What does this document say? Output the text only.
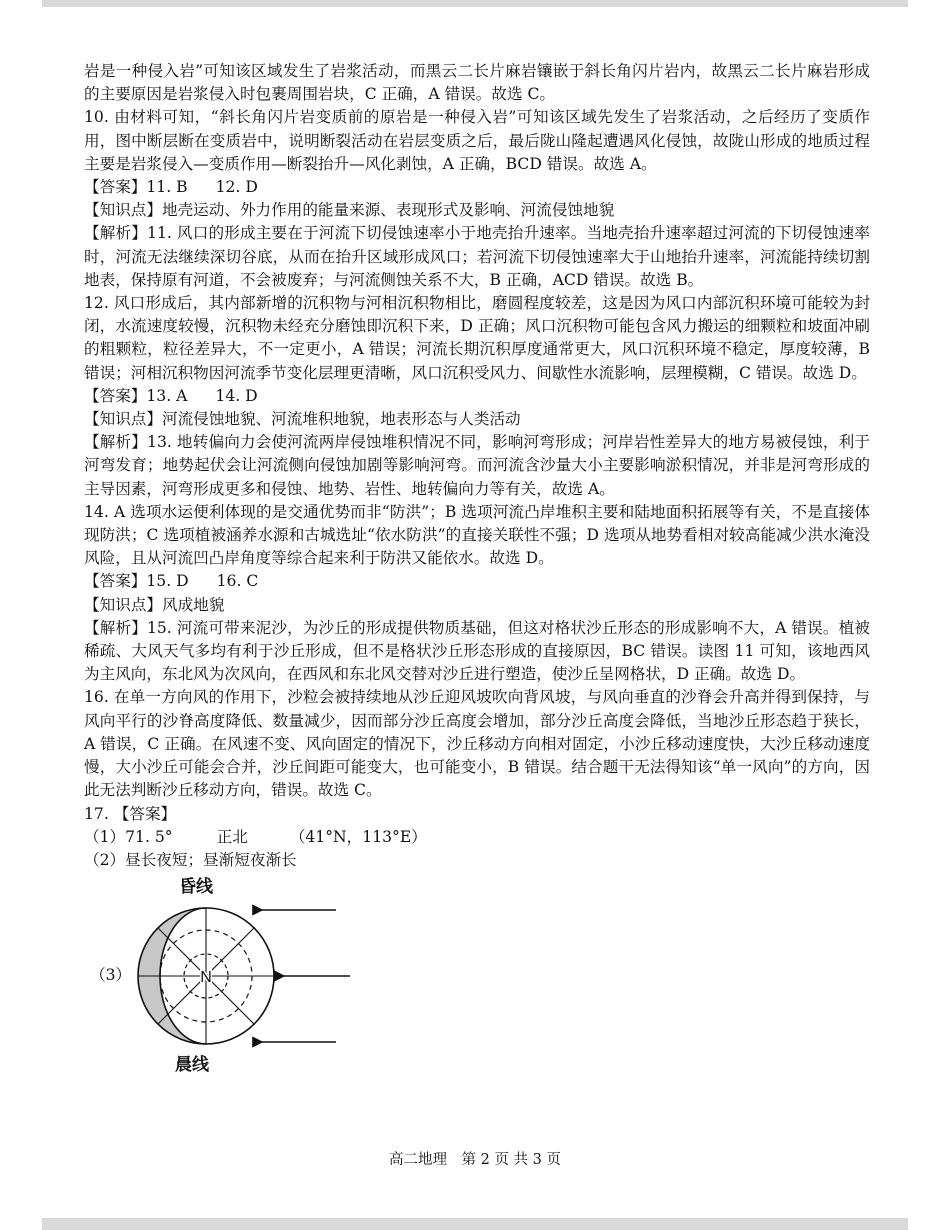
岩是一种侵入岩”可知该区域发生了岩浆活动，而黑云二长片麻岩镶嵌于斜长角闪片岩内，故黑云二长片麻岩形成的主要原因是岩浆侵入时包裹周围岩块，C 正确，A 错误。故选 C。

10. 由材料可知，“斜长角闪片岩变质前的原岩是一种侵入岩”可知该区域先发生了岩浆活动，之后经历了变质作用，图中断层断在变质岩中，说明断裂活动在岩层变质之后，最后陇山隆起遭遇风化侵蚀，故陇山形成的地质过程主要是岩浆侵入—变质作用—断裂抬升—风化剥蚀，A 正确，BCD 错误。故选 A。

【答案】11. B 12. D

【知识点】地壳运动、外力作用的能量来源、表现形式及影响、河流侵蚀地貌

【解析】11. 风口的形成主要在于河流下切侵蚀速率小于地壳抬升速率。当地壳抬升速率超过河流的下切侵蚀速率时，河流无法继续深切谷底，从而在抬升区域形成风口；若河流下切侵蚀速率大于山地抬升速率，河流能持续切割地表，保持原有河道，不会被废弃；与河流侧蚀关系不大，B 正确，ACD 错误。故选 B。

12. 风口形成后，其内部新增的沉积物与河相沉积物相比，磨圆程度较差，这是因为风口内部沉积环境可能较为封闭，水流速度较慢，沉积物未经充分磨蚀即沉积下来，D 正确；风口沉积物可能包含风力搬运的细颗粒和坡面冲刷的粗颗粒，粒径差异大，不一定更小，A 错误；河流长期沉积厚度通常更大，风口沉积环境不稳定，厚度较薄，B 错误；河相沉积物因河流季节变化层理更清晰，风口沉积受风力、间歇性水流影响，层理模糊，C 错误。故选 D。

【答案】13. A 14. D

【知识点】河流侵蚀地貌、河流堆积地貌，地表形态与人类活动

【解析】13. 地转偏向力会使河流两岸侵蚀堆积情况不同，影响河弯形成；河岸岩性差异大的地方易被侵蚀，利于河弯发育；地势起伏会让河流侧向侵蚀加剧等影响河弯。而河流含沙量大小主要影响淤积情况，并非是河弯形成的主导因素，河弯形成更多和侵蚀、地势、岩性、地转偏向力等有关，故选 A。

14. A 选项水运便利体现的是交通优势而非“防洪”；B 选项河流凸岸堆积主要和陆地面积拓展等有关，不是直接体现防洪；C 选项植被涵养水源和古城选址“依水防洪”的直接关联性不强；D 选项从地势看相对较高能减少洪水淹没风险，且从河流凹凸岸角度等综合起来利于防洪又能依水。故选 D。

【答案】15. D 16. C

【知识点】风成地貌

【解析】15. 河流可带来泥沙，为沙丘的形成提供物质基础，但这对格状沙丘形态的形成影响不大，A 错误。植被稀疏、大风天气多均有利于沙丘形成，但不是格状沙丘形态形成的直接原因，BC 错误。读图 11 可知，该地西风为主风向，东北风为次风向，在西风和东北风交替对沙丘进行塑造，使沙丘呈网格状，D 正确。故选 D。

16. 在单一方向风的作用下，沙粒会被持续地从沙丘迎风坡吹向背风坡，与风向垂直的沙脊会升高并得到保持，与风向平行的沙脊高度降低、数量减少，因而部分沙丘高度会增加，部分沙丘高度会降低，当地沙丘形态趋于狭长，A 错误，C 正确。在风速不变、风向固定的情况下，沙丘移动方向相对固定，小沙丘移动速度快，大沙丘移动速度慢，大小沙丘可能会合并，沙丘间距可能变大，也可能变小，B 错误。结合题干无法得知该“单一风向”的方向，因此无法判断沙丘移动方向，错误。故选 C。

17. 【答案】

（1）71. 5°	正北	（41°N，113°E）

（2）昼长夜短；昼渐短夜渐长

（3）	N
昏线
晨线
高二地理　第 2 页 共 3 页
